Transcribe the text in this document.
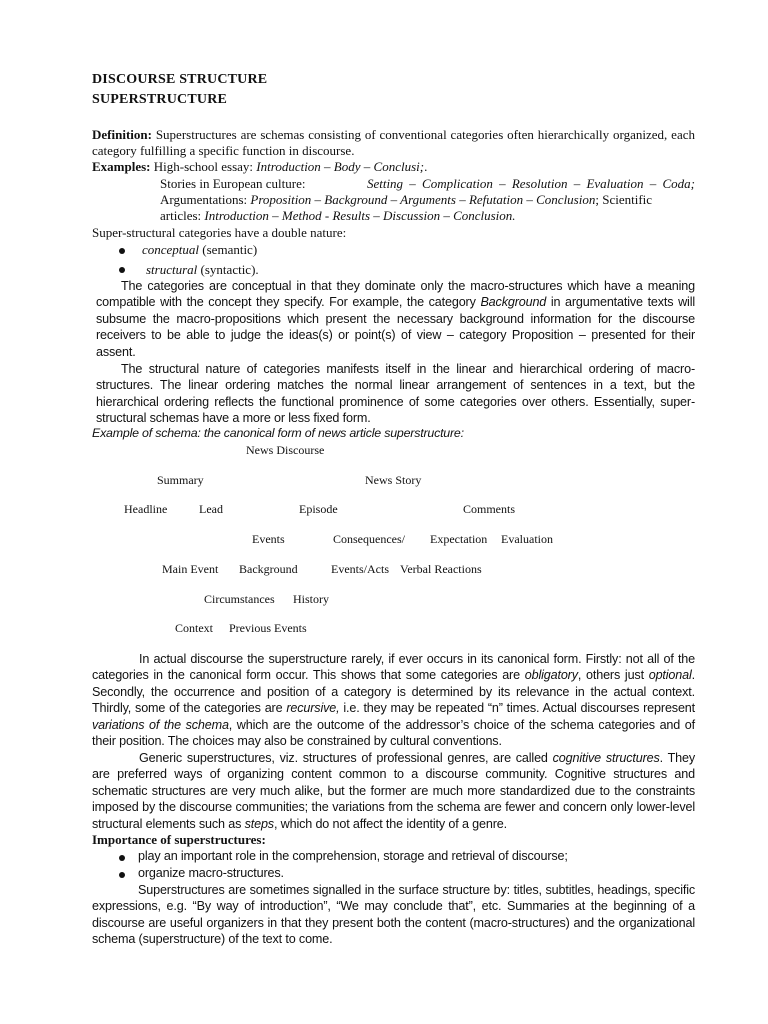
DISCOURSE STRUCTURE
SUPERSTRUCTURE
Definition: Superstructures are schemas consisting of conventional categories often hierarchically organized, each category fulfilling a specific function in discourse.
Examples: High-school essay: Introduction – Body – Conclusi;.
Stories in European culture:	Setting – Complication – Resolution – Evaluation – Coda;
Argumentations: Proposition – Background – Arguments – Refutation – Conclusion; Scientific
articles: Introduction – Method - Results – Discussion – Conclusion.
Super-structural categories have a double nature:
conceptual (semantic)
structural (syntactic).
The categories are conceptual in that they dominate only the macro-structures which have a meaning compatible with the concept they specify. For example, the category Background in argumentative texts will subsume the macro-propositions which present the necessary background information for the discourse receivers to be able to judge the ideas(s) or point(s) of view – category Proposition – presented for their assent.
The structural nature of categories manifests itself in the linear and hierarchical ordering of macro-structures. The linear ordering matches the normal linear arrangement of sentences in a text, but the hierarchical ordering reflects the functional prominence of some categories over others. Essentially, super-structural schemas have a more or less fixed form.
Example of schema: the canonical form of news article superstructure:
News Discourse
Summary	News Story
Headline	Lead	Episode	Comments
Events	Consequences/ Expectation Evaluation
Main Event Background	Events/Acts Verbal Reactions
Circumstances History
Context Previous Events
In actual discourse the superstructure rarely, if ever occurs in its canonical form. Firstly: not all of the categories in the canonical form occur. This shows that some categories are obligatory, others just optional. Secondly, the occurrence and position of a category is determined by its relevance in the actual context. Thirdly, some of the categories are recursive, i.e. they may be repeated “n” times. Actual discourses represent variations of the schema, which are the outcome of the addressor’s choice of the schema categories and of their position. The choices may also be constrained by cultural conventions.
Generic superstructures, viz. structures of professional genres, are called cognitive structures. They are preferred ways of organizing content common to a discourse community. Cognitive structures and schematic structures are very much alike, but the former are much more standardized due to the constraints imposed by the discourse communities; the variations from the schema are fewer and concern only lower-level structural elements such as steps, which do not affect the identity of a genre.
Importance of superstructures:
play an important role in the comprehension, storage and retrieval of discourse;
organize macro-structures.
Superstructures are sometimes signalled in the surface structure by: titles, subtitles, headings, specific expressions, e.g. “By way of introduction”, “We may conclude that”, etc. Summaries at the beginning of a discourse are useful organizers in that they present both the content (macro-structures) and the organizational schema (superstructure) of the text to come.
